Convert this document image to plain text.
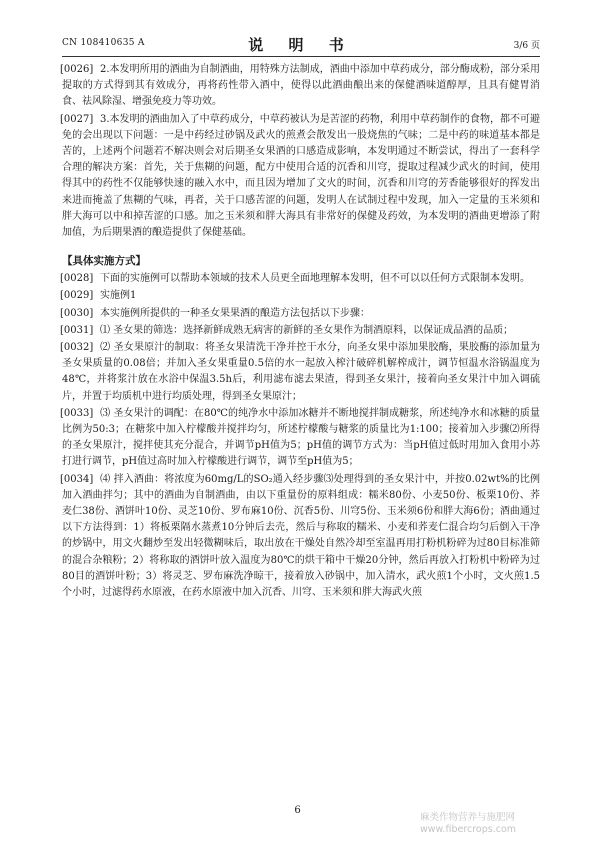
CN 108410635 A	说 明 书	3/6 页

[0026] 2.本发明所用的酒曲为自制酒曲，用特殊方法制成，酒曲中添加中草药成分，部分酶成粉，部分采用提取的方式得到其有效成分，再将药性带入酒中，使得以此酒曲酿出来的保健酒味道醇厚，且具有健胃消食、祛风除湿、增强免疫力等功效。

[0027] 3.本发明的酒曲加入了中草药成分，中草药被认为是苦涩的药物，利用中草药制作的食物，都不可避免的会出现以下问题：一是中药经过砂锅及武火的煎煮会散发出一股烧焦的气味；二是中药的味道基本都是苦的，上述两个问题若不解决则会对后期圣女果酒的口感造成影响，本发明通过不断尝试，得出了一套科学合理的解决方案：首先，关于焦糊的问题，配方中使用合适的沉香和川穹，提取过程减少武火的时间，使用得其中的药性不仅能够快速的融入水中，而且因为增加了文火的时间，沉香和川穹的芳香能够很好的挥发出来进而掩盖了焦糊的气味，再者，关于口感苦涩的问题，发明人在试制过程中发现，加入一定量的玉米须和胖大海可以中和掉苦涩的口感。加之玉米须和胖大海具有非常好的保健及药效，为本发明的酒曲更增添了附加值，为后期果酒的酿造提供了保健基础。

【具体实施方式】

[0028] 下面的实施例可以帮助本领域的技术人员更全面地理解本发明，但不可以以任何方式限制本发明。

[0029] 实施例1

[0030] 本实施例所提供的一种圣女果果酒的酿造方法包括以下步骤：

[0031] ⑴ 圣女果的筛选：选择新鲜成熟无病害的新鲜的圣女果作为制酒原料，以保证成品酒的品质；

[0032] ⑵ 圣女果原汁的制取：将圣女果清洗干净并控干水分，向圣女果中添加果胶酶，果胶酶的添加量为圣女果质量的0.08倍；并加入圣女果重量0.5倍的水一起放入榨汁破碎机解榨成汁，调节恒温水浴锅温度为48℃，并将浆汁放在水浴中保温3.5h后，利用滤布滤去果渣，得到圣女果汁，接着向圣女果汁中加入调硫片，并置于均质机中进行均质处理，得到圣女果原汁；

[0033] ⑶ 圣女果汁的调配：在80℃的纯净水中添加冰糖并不断地搅拌制成糖浆，所述纯净水和冰糖的质量比例为50:3；在糖浆中加入柠檬酸并搅拌均匀，所述柠檬酸与糖浆的质量比为1:100；接着加入步骤⑵所得的圣女果原汁，搅拌使其充分混合，并调节pH值为5；pH值的调节方式为：当pH值过低时用加入食用小苏打进行调节，pH值过高时加入柠檬酸进行调节，调节至pH值为5；

[0034] ⑷ 拌入酒曲：将浓度为60mg/L的SO₂通入经步骤⑶处理得到的圣女果汁中，并按0.02wt%的比例加入酒曲拌匀；其中的酒曲为自制酒曲，由以下重量份的原料组成：糯米80份、小麦50份、板栗10份、荞麦仁38份、酒饼叶10份、灵芝10份、罗布麻10份、沉香5份、川穹5份、玉米须6份和胖大海6份；酒曲通过以下方法得到：1）将板栗隔水蒸煮10分钟后去壳，然后与称取的糯米、小麦和荞麦仁混合均匀后倒入干净的炒锅中，用文火翻炒至发出轻微糊味后，取出放在干燥处自然冷却至室温再用打粉机粉碎为过80目标准筛的混合杂粮粉；2）将称取的酒饼叶放入温度为80℃的烘干箱中干燥20分钟，然后再放入打粉机中粉碎为过80目的酒饼叶粉；3）将灵芝、罗布麻洗净晾干，接着放入砂锅中，加入清水，武火煎1个小时，文火煎1.5个小时，过滤得药水原液，在药水原液中加入沉香、川穹、玉米须和胖大海武火煎

6
麻类作物营养与施肥网
www.fibercrops.com
